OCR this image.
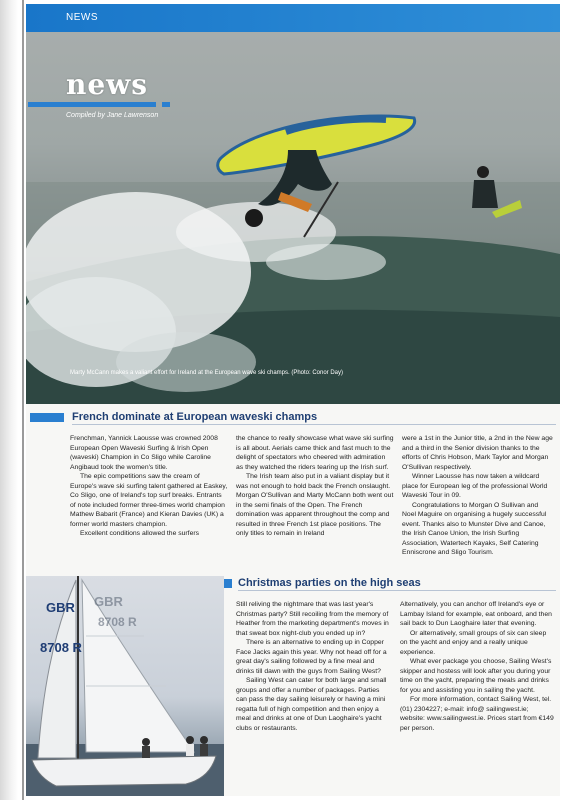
NEWS
news
Compiled by Jane Lawrenson
Marty McCann makes a valiant effort for Ireland at the European wave ski champs. (Photo: Conor Day)
French dominate at European waveski champs

Frenchman, Yannick Laousse was crowned 2008 European Open Waveski Surfing & Irish Open (waveski) Champion in Co Sligo while Caroline Angibaud took the women's title.

The epic competitions saw the cream of Europe's wave ski surfing talent gathered at Easkey, Co Sligo, one of Ireland's top surf breaks. Entrants of note included former three-times world champion Mathew Babarit (France) and Kieran Davies (UK) a former world masters champion.

Excellent conditions allowed the surfers

the chance to really showcase what wave ski surfing is all about. Aerials came thick and fast much to the delight of spectators who cheered with admiration as they watched the riders tearing up the Irish surf.

The Irish team also put in a valiant display but it was not enough to hold back the French onslaught. Morgan O'Sullivan and Marty McCann both went out in the semi finals of the Open. The French domination was apparent throughout the comp and resulted in three French 1st place positions. The only titles to remain in Ireland

were a 1st in the Junior title, a 2nd in the New age and a third in the Senior division thanks to the efforts of Chris Hobson, Mark Taylor and Morgan O'Sullivan respectively.

Winner Laousse has now taken a wildcard place for European leg of the professional World Waveski Tour in 09.

Congratulations to Morgan O Sullivan and Noel Maguire on organising a hugely successful event. Thanks also to Munster Dive and Canoe, the Irish Canoe Union, the Irish Surfing Association, Watertech Kayaks, Self Catering Enniscrone and Sligo Tourism.

GBR
8708 R
GBR
8708 R
Christmas parties on the high seas

Still reliving the nightmare that was last year's Christmas party? Still recoiling from the memory of Heather from the marketing department's moves in that sweat box night-club you ended up in?

There is an alternative to ending up in Copper Face Jacks again this year. Why not head off for a great day's sailing followed by a fine meal and drinks till dawn with the guys from Sailing West?

Sailing West can cater for both large and small groups and offer a number of packages. Parties can pass the day sailing leisurely or having a mini regatta full of high competition and then enjoy a meal and drinks at one of Dun Laoghaire's yacht clubs or restaurants.

Alternatively, you can anchor off Ireland's eye or Lambay Island for example, eat onboard, and then sail back to Dun Laoghaire later that evening.

Or alternatively, small groups of six can sleep on the yacht and enjoy and a really unique experience.

What ever package you choose, Sailing West's skipper and hostess will look after you during your time on the yacht, preparing the meals and drinks for you and assisting you in sailing the yacht.

For more information, contact Sailing West, tel. (01) 2304227; e-mail: info@ sailingwest.ie; website: www.sailingwest.ie. Prices start from €149 per person.
